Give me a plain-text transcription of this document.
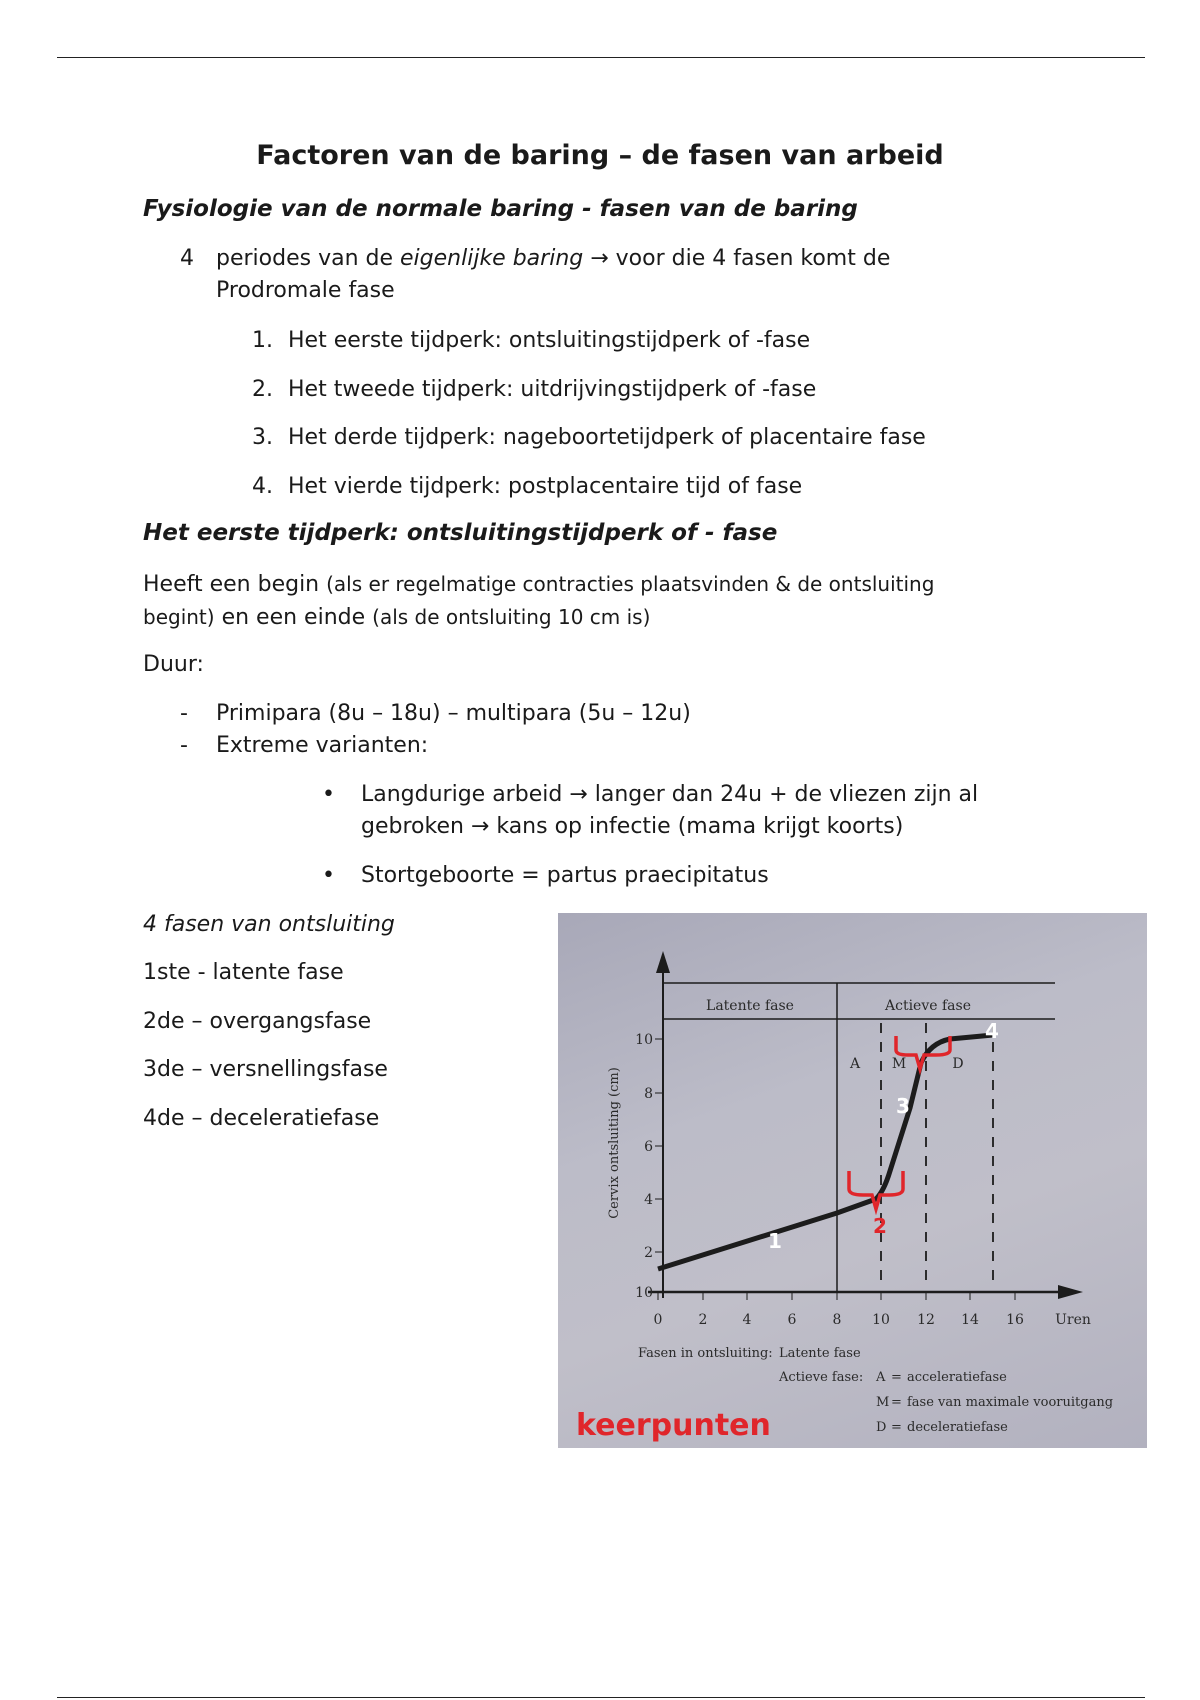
Factoren van de baring – de fasen van arbeid
Fysiologie van de normale baring - fasen van de baring
4 periodes van de eigenlijke baring → voor die 4 fasen komt de
Prodromale fase
1. Het eerste tijdperk: ontsluitingstijdperk of -fase
2. Het tweede tijdperk: uitdrijvingstijdperk of -fase
3. Het derde tijdperk: nageboortetijdperk of placentaire fase
4. Het vierde tijdperk: postplacentaire tijd of fase
Het eerste tijdperk: ontsluitingstijdperk of - fase
Heeft een begin (als er regelmatige contracties plaatsvinden & de ontsluiting
begint) en een einde (als de ontsluiting 10 cm is)
Duur:
- Primipara (8u – 18u) – multipara (5u – 12u)
- Extreme varianten:
• Langdurige arbeid → langer dan 24u + de vliezen zijn al
gebroken → kans op infectie (mama krijgt koorts)
• Stortgeboorte = partus praecipitatus
4 fasen van ontsluiting
1ste - latente fase
2de – overgangsfase
3de – versnellingsfase
4de – deceleratiefase
Latente fase	Actieve fase
Cervix ontsluiting (cm)
10
8
6
4
2
10
0	2	4	6	8 10 12 14 16 Uren
A M	D
Fasen in ontsluiting: Latente fase
Actieve fase: A = acceleratiefase
M = fase van maximale vooruitgang
D = deceleratiefase
1
2
3
4
keerpunten
